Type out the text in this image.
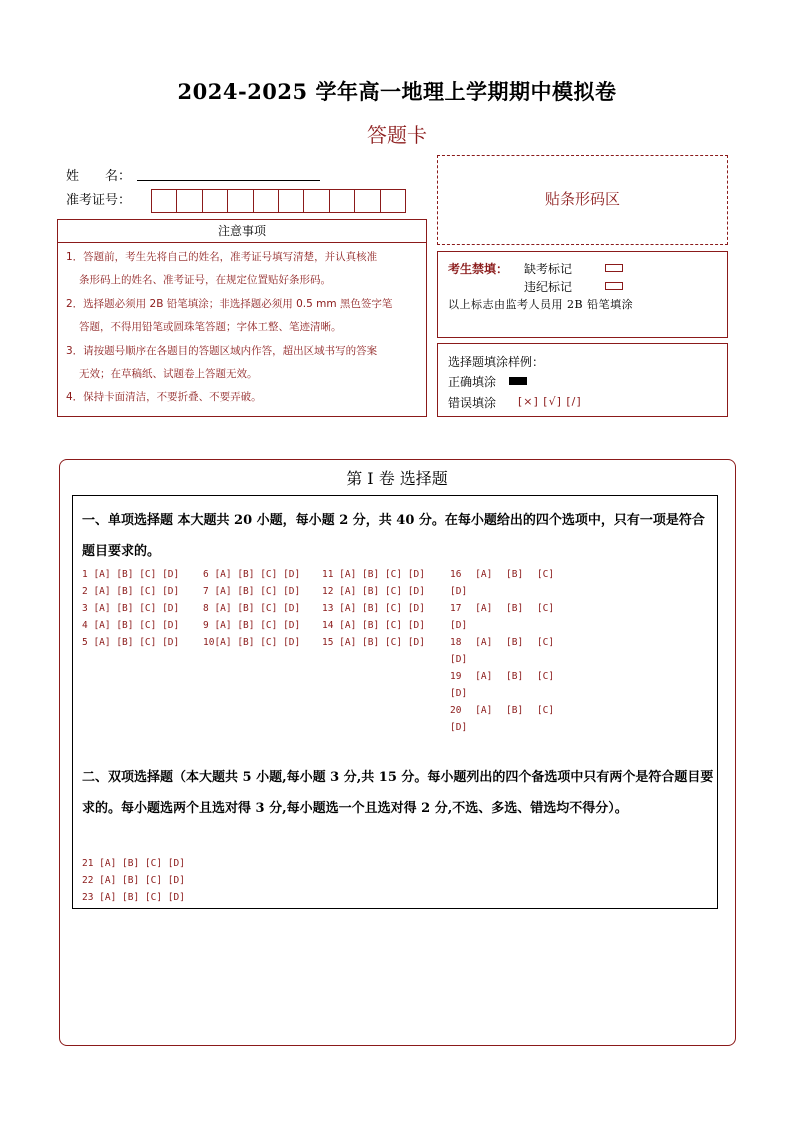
2024-2025 学年高一地理上学期期中模拟卷
答题卡
姓　　名：
准考证号：
注意事项

1．答题前，考生先将自己的姓名，准考证号填写清楚，并认真核准

条形码上的姓名、准考证号，在规定位置贴好条形码。

2．选择题必须用 2B 铅笔填涂；非选择题必须用 0.5 mm 黑色签字笔

答题，不得用铅笔或圆珠笔答题；字体工整、笔迹清晰。

3．请按题号顺序在各题目的答题区域内作答，超出区域书写的答案

无效；在草稿纸、试题卷上答题无效。

4．保持卡面清洁，不要折叠、不要弄破。

贴条形码区
考生禁填： 缺考标记
违纪标记
以上标志由监考人员用 2B 铅笔填涂
选择题填涂样例：
正确填涂
错误填涂 [×] [√] [/]
第 I 卷 选择题
一、单项选择题 本大题共 20 小题，每小题 2 分，共 40 分。在每小题给出的四个选项中，只有一项是符合题目要求的。
1 [A] [B] [C] [D]
2 [A] [B] [C] [D]
3 [A] [B] [C] [D]
4 [A] [B] [C] [D]
5 [A] [B] [C] [D]
6 [A] [B] [C] [D]
7 [A] [B] [C] [D]
8 [A] [B] [C] [D]
9 [A] [B] [C] [D]
10[A] [B] [C] [D]
11 [A] [B] [C] [D]
12 [A] [B] [C] [D]
13 [A] [B] [C] [D]
14 [A] [B] [C] [D]
15 [A] [B] [C] [D]
16 [A] [B] [C] [D]
17 [A] [B] [C] [D]
18 [A] [B] [C] [D]
19 [A] [B] [C] [D]
20 [A] [B] [C] [D]
二、双项选择题（本大题共 5 小题,每小题 3 分,共 15 分。每小题列出的四个备选项中只有两个是符合题目要求的。每小题选两个且选对得 3 分,每小题选一个且选对得 2 分,不选、多选、错选均不得分）。
21 [A] [B] [C] [D]
22 [A] [B] [C] [D]
23 [A] [B] [C] [D]
